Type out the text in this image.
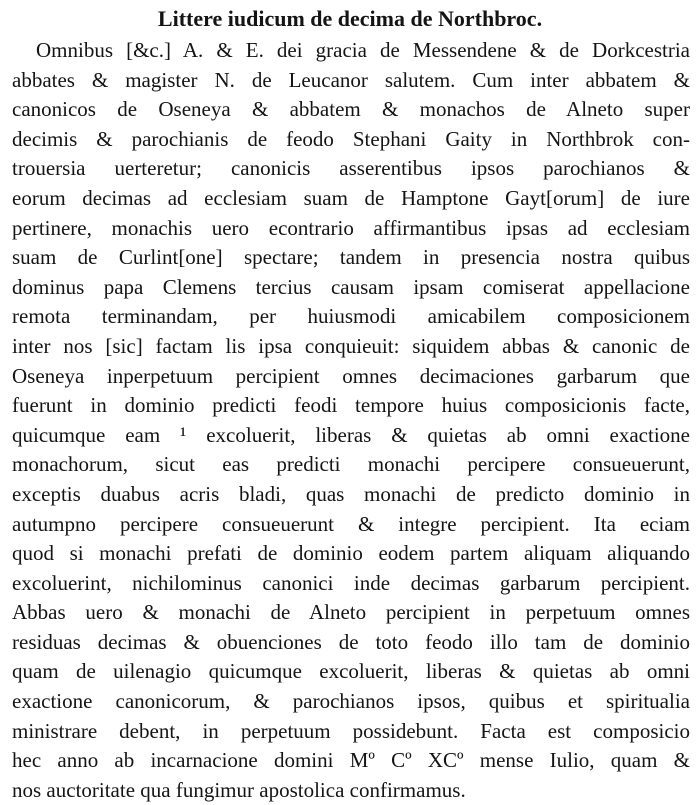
Littere iudicum de decima de Northbroc.
Omnibus [&c.] A. & E. dei gracia de Messendene & de Dorkcestria
abbates & magister N. de Leucanor salutem. Cum inter abbatem &
canonicos de Oseneya & abbatem & monachos de Alneto super
decimis & parochianis de feodo Stephani Gaity in Northbrok con-
trouersia uerteretur; canonicis asserentibus ipsos parochianos &
eorum decimas ad ecclesiam suam de Hamptone Gayt[orum] de iure
pertinere, monachis uero econtrario affirmantibus ipsas ad ecclesiam
suam de Curlint[one] spectare; tandem in presencia nostra quibus
dominus papa Clemens tercius causam ipsam comiserat appellacione
remota terminandam, per huiusmodi amicabilem composicionem
inter nos [sic] factam lis ipsa conquieuit: siquidem abbas & canonic de
Oseneya inperpetuum percipient omnes decimaciones garbarum que
fuerunt in dominio predicti feodi tempore huius composicionis facte,
quicumque eam ¹ excoluerit, liberas & quietas ab omni exactione
monachorum, sicut eas predicti monachi percipere consueuerunt,
exceptis duabus acris bladi, quas monachi de predicto dominio in
autumpno percipere consueuerunt & integre percipient. Ita eciam
quod si monachi prefati de dominio eodem partem aliquam aliquando
excoluerint, nichilominus canonici inde decimas garbarum percipient.
Abbas uero & monachi de Alneto percipient in perpetuum omnes
residuas decimas & obuenciones de toto feodo illo tam de dominio
quam de uilenagio quicumque excoluerit, liberas & quietas ab omni
exactione canonicorum, & parochianos ipsos, quibus et spiritualia
ministrare debent, in perpetuum possidebunt. Facta est composicio
hec anno ab incarnacione domini Mº Cº XCº mense Iulio, quam &
nos auctoritate qua fungimur apostolica confirmamus.
